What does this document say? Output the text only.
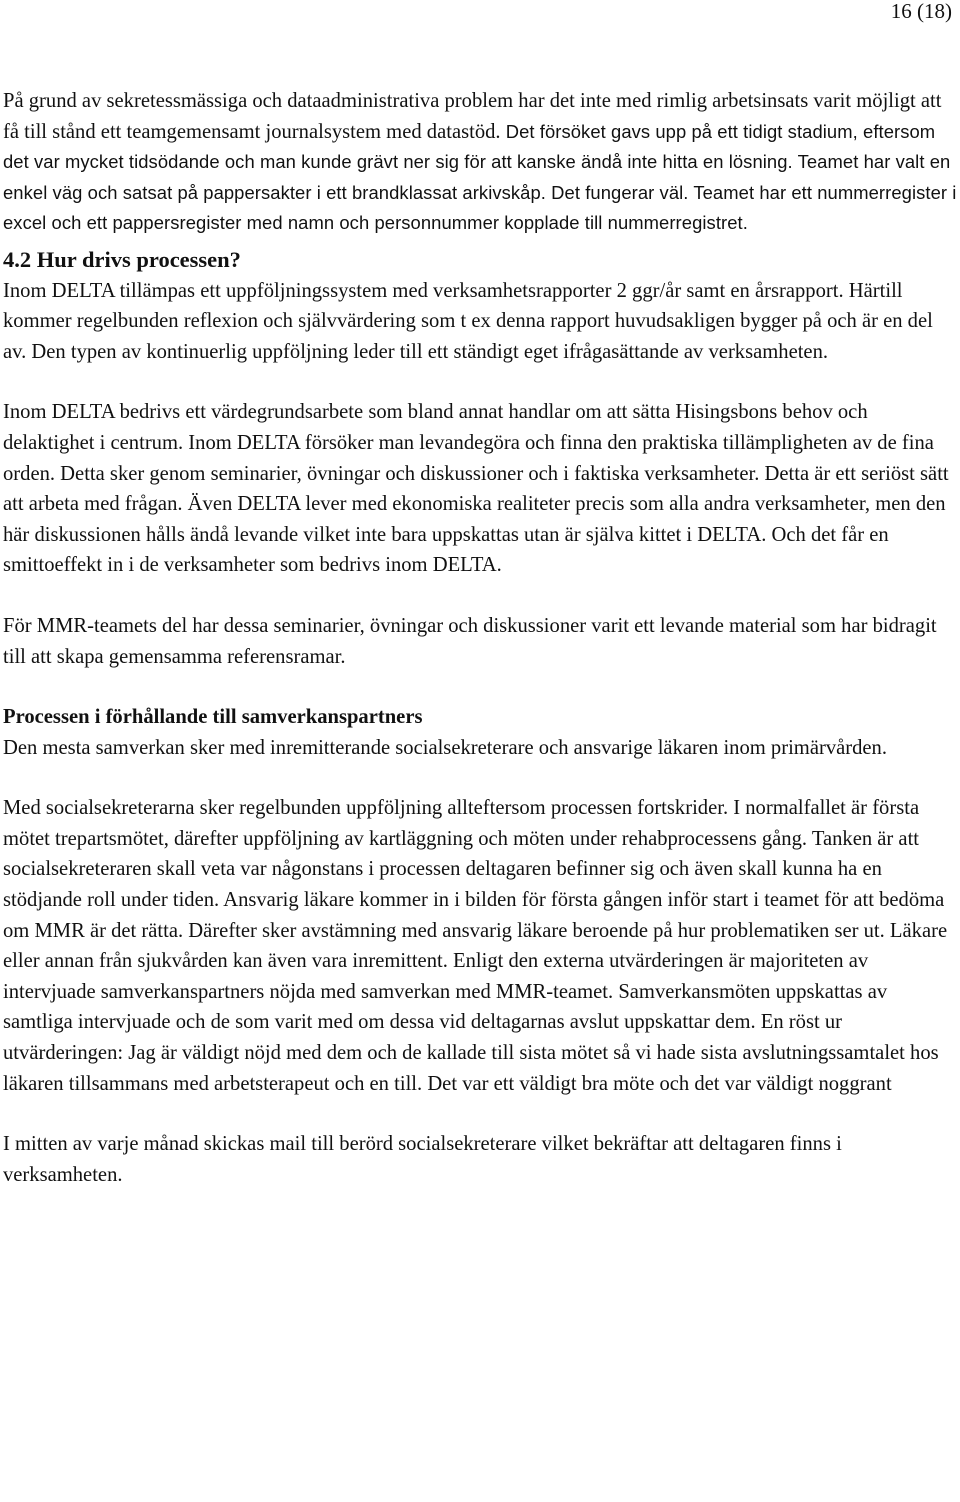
16 (18)

På grund av sekretessmässiga och dataadministrativa problem har det inte med rimlig arbetsinsats varit möjligt att få till stånd ett teamgemensamt journalsystem med datastöd. Det försöket gavs upp på ett tidigt stadium, eftersom det var mycket tidsödande och man kunde grävt ner sig för att kanske ändå inte hitta en lösning. Teamet har valt en enkel väg och satsat på pappersakter i ett brandklassat arkivskåp. Det fungerar väl. Teamet har ett nummerregister i excel och ett pappersregister med namn och personnummer kopplade till nummerregistret.

4.2 Hur drivs processen?

Inom DELTA tillämpas ett uppföljningssystem med verksamhetsrapporter 2 ggr/år samt en årsrapport. Härtill kommer regelbunden reflexion och självvärdering som t ex denna rapport huvudsakligen bygger på och är en del av. Den typen av kontinuerlig uppföljning leder till ett ständigt eget ifrågasättande av verksamheten.

Inom DELTA bedrivs ett värdegrundsarbete som bland annat handlar om att sätta Hisingsbons behov och delaktighet i centrum. Inom DELTA försöker man levandegöra och finna den praktiska tillämpligheten av de fina orden. Detta sker genom seminarier, övningar och diskussioner och i faktiska verksamheter. Detta är ett seriöst sätt att arbeta med frågan. Även DELTA lever med ekonomiska realiteter precis som alla andra verksamheter, men den här diskussionen hålls ändå levande vilket inte bara uppskattas utan är själva kittet i DELTA. Och det får en smittoeffekt in i de verksamheter som bedrivs inom DELTA.

För MMR-teamets del har dessa seminarier, övningar och diskussioner varit ett levande material som har bidragit till att skapa gemensamma referensramar.

Processen i förhållande till samverkanspartners

Den mesta samverkan sker med inremitterande socialsekreterare och ansvarige läkaren inom primärvården.

Med socialsekreterarna sker regelbunden uppföljning allteftersom processen fortskrider. I normalfallet är första mötet trepartsmötet, därefter uppföljning av kartläggning och möten under rehabprocessens gång. Tanken är att socialsekreteraren skall veta var någonstans i processen deltagaren befinner sig och även skall kunna ha en stödjande roll under tiden. Ansvarig läkare kommer in i bilden för första gången inför start i teamet för att bedöma om MMR är det rätta. Därefter sker avstämning med ansvarig läkare beroende på hur problematiken ser ut. Läkare eller annan från sjukvården kan även vara inremittent. Enligt den externa utvärderingen är majoriteten av intervjuade samverkanspartners nöjda med samverkan med MMR-teamet. Samverkansmöten uppskattas av samtliga intervjuade och de som varit med om dessa vid deltagarnas avslut uppskattar dem. En röst ur utvärderingen: Jag är väldigt nöjd med dem och de kallade till sista mötet så vi hade sista avslutningssamtalet hos läkaren tillsammans med arbetsterapeut och en till. Det var ett väldigt bra möte och det var väldigt noggrant

I mitten av varje månad skickas mail till berörd socialsekreterare vilket bekräftar att deltagaren finns i verksamheten.
